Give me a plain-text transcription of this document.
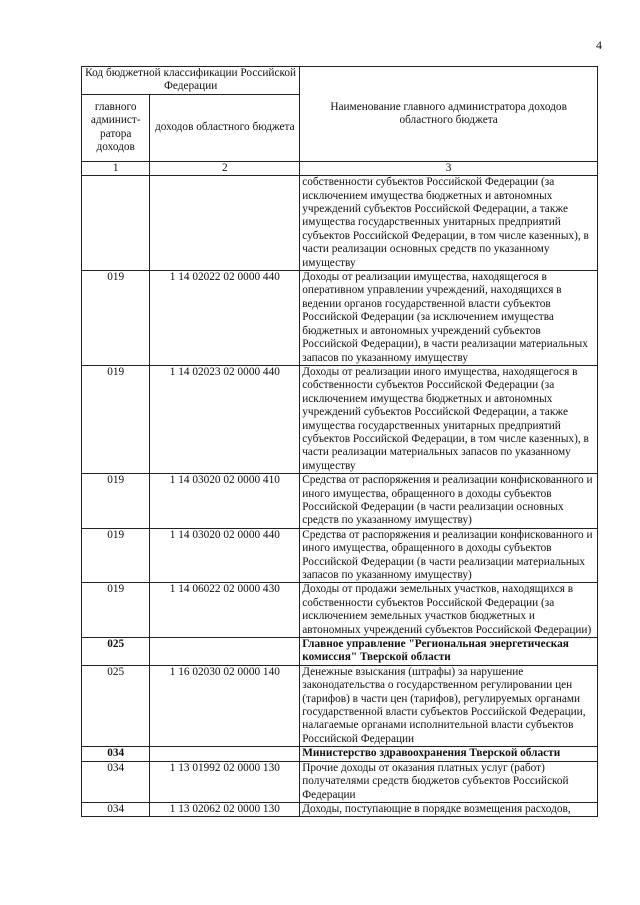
4
Код бюджетной классификации Российской Федерации		Наименование главного администратора доходов областного бюджета
главного админист-ратора доходов	доходов областного бюджета	
1	2	3
		собственности субъектов Российской Федерации (за исключением имущества бюджетных и автономных учреждений субъектов Российской Федерации, а также имущества государственных унитарных предприятий субъектов Российской Федерации, в том числе казенных), в части реализации основных средств по указанному имуществу
019	1 14 02022 02 0000 440	Доходы от реализации имущества, находящегося в оперативном управлении учреждений, находящихся в ведении органов государственной власти субъектов Российской Федерации (за исключением имущества бюджетных и автономных учреждений субъектов Российской Федерации), в части реализации материальных запасов по указанному имуществу
019	1 14 02023 02 0000 440	Доходы от реализации иного имущества, находящегося в собственности субъектов Российской Федерации (за исключением имущества бюджетных и автономных учреждений субъектов Российской Федерации, а также имущества государственных унитарных предприятий субъектов Российской Федерации, в том числе казенных), в части реализации материальных запасов по указанному имуществу
019	1 14 03020 02 0000 410	Средства от распоряжения и реализации конфискованного и иного имущества, обращенного в доходы субъектов Российской Федерации (в части реализации основных средств по указанному имуществу)
019	1 14 03020 02 0000 440	Средства от распоряжения и реализации конфискованного и иного имущества, обращенного в доходы субъектов Российской Федерации (в части реализации материальных запасов по указанному имуществу)
019	1 14 06022 02 0000 430	Доходы от продажи земельных участков, находящихся в собственности субъектов Российской Федерации (за исключением земельных участков бюджетных и автономных учреждений субъектов Российской Федерации)
025		Главное управление "Региональная энергетическая комиссия" Тверской области
025	1 16 02030 02 0000 140	Денежные взыскания (штрафы) за нарушение законодательства о государственном регулировании цен (тарифов) в части цен (тарифов), регулируемых органами государственной власти субъектов Российской Федерации, налагаемые органами исполнительной власти субъектов Российской Федерации
034		Министерство здравоохранения Тверской области
034	1 13 01992 02 0000 130	Прочие доходы от оказания платных услуг (работ) получателями средств бюджетов субъектов Российской Федерации
034	1 13 02062 02 0000 130	Доходы, поступающие в порядке возмещения расходов,
